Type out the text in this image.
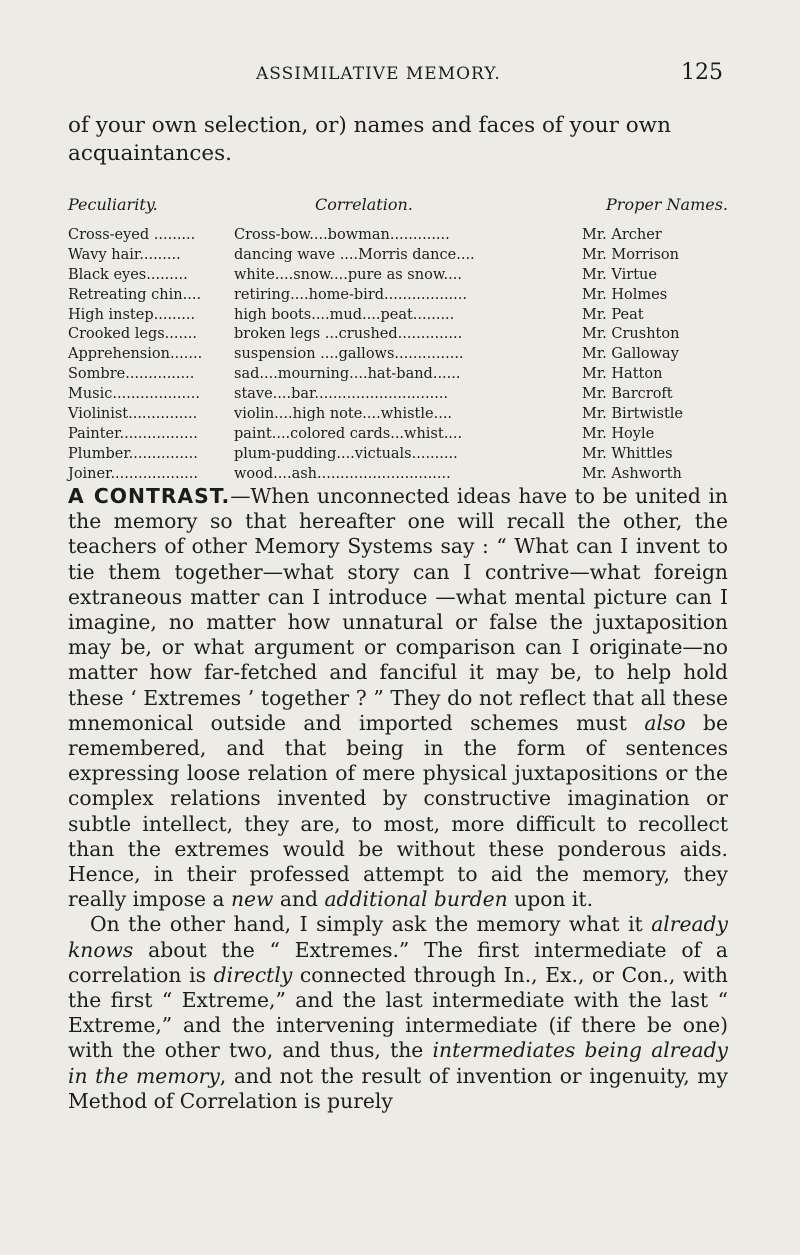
ASSIMILATIVE MEMORY.	125

of your own selection, or) names and faces of your own acquaintances.

Peculiarity.	Correlation.	Proper Names.
Cross-eyed .........	Cross-bow....bowman.............	Mr. Archer
Wavy hair.........	dancing wave ....Morris dance....	Mr. Morrison
Black eyes.........	white....snow....pure as snow....	Mr. Virtue
Retreating chin....	retiring....home-bird..................	Mr. Holmes
High instep.........	high boots....mud....peat.........	Mr. Peat
Crooked legs.......	broken legs ...crushed..............	Mr. Crushton
Apprehension.......	suspension ....gallows...............	Mr. Galloway
Sombre...............	sad....mourning....hat-band......	Mr. Hatton
Music...................	stave....bar.............................	Mr. Barcroft
Violinist...............	violin....high note....whistle....	Mr. Birtwistle
Painter.................	paint....colored cards...whist....	Mr. Hoyle
Plumber...............	plum-pudding....victuals..........	Mr. Whittles
Joiner...................	wood....ash.............................	Mr. Ashworth

A CONTRAST.—When unconnected ideas have to be united in the memory so that hereafter one will recall the other, the teachers of other Memory Systems say : “ What can I invent to tie them together—what story can I contrive—what foreign extraneous matter can I introduce —what mental picture can I imagine, no matter how unnatural or false the juxtaposition may be, or what argument or comparison can I originate—no matter how far-fetched and fanciful it may be, to help hold these ‘ Extremes ’ together ? ” They do not reflect that all these mnemonical outside and imported schemes must also be remembered, and that being in the form of sentences expressing loose relation of mere physical juxtapositions or the complex relations invented by constructive imagination or subtle intellect, they are, to most, more difficult to recollect than the extremes would be without these ponderous aids. Hence, in their professed attempt to aid the memory, they really impose a new and additional burden upon it.

On the other hand, I simply ask the memory what it already knows about the “ Extremes.” The first intermediate of a correlation is directly connected through In., Ex., or Con., with the first “ Extreme,” and the last intermediate with the last “ Extreme,” and the intervening intermediate (if there be one) with the other two, and thus, the intermediates being already in the memory, and not the result of invention or ingenuity, my Method of Correlation is purely
